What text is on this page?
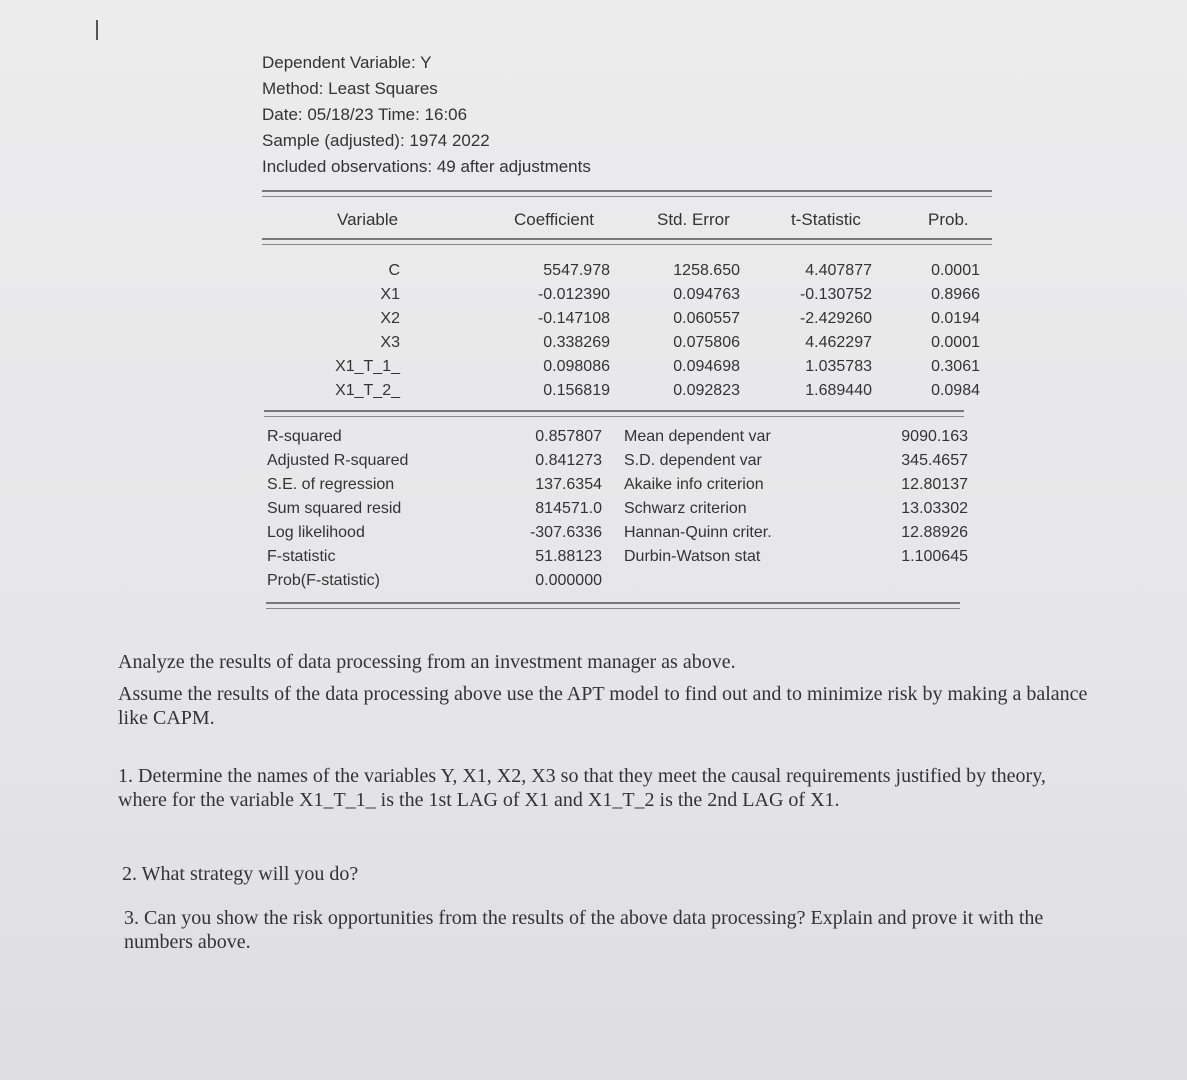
Dependent Variable: Y
Method: Least Squares
Date: 05/18/23 Time: 16:06
Sample (adjusted): 1974 2022
Included observations: 49 after adjustments
Variable	Coefficient	Std. Error	t-Statistic	Prob.
C	5547.978	1258.650	4.407877	0.0001
X1	-0.012390	0.094763	-0.130752	0.8966
X2	-0.147108	0.060557	-2.429260	0.0194
X3	0.338269	0.075806	4.462297	0.0001
X1_T_1_	0.098086	0.094698	1.035783	0.3061
X1_T_2_	0.156819	0.092823	1.689440	0.0984
R-squared	0.857807 Mean dependent var	9090.163
Adjusted R-squared	0.841273 S.D. dependent var	345.4657
S.E. of regression	137.6354 Akaike info criterion	12.80137
Sum squared resid	814571.0 Schwarz criterion	13.03302
Log likelihood	-307.6336 Hannan-Quinn criter.	12.88926
F-statistic	51.88123 Durbin-Watson stat	1.100645
Prob(F-statistic)	0.000000
Analyze the results of data processing from an investment manager as above.
Assume the results of the data processing above use the APT model to find out and to minimize risk by making a balance like CAPM.
1. Determine the names of the variables Y, X1, X2, X3 so that they meet the causal requirements justified by theory, where for the variable X1_T_1_ is the 1st LAG of X1 and X1_T_2 is the 2nd LAG of X1.
2. What strategy will you do?
3. Can you show the risk opportunities from the results of the above data processing? Explain and prove it with the numbers above.
